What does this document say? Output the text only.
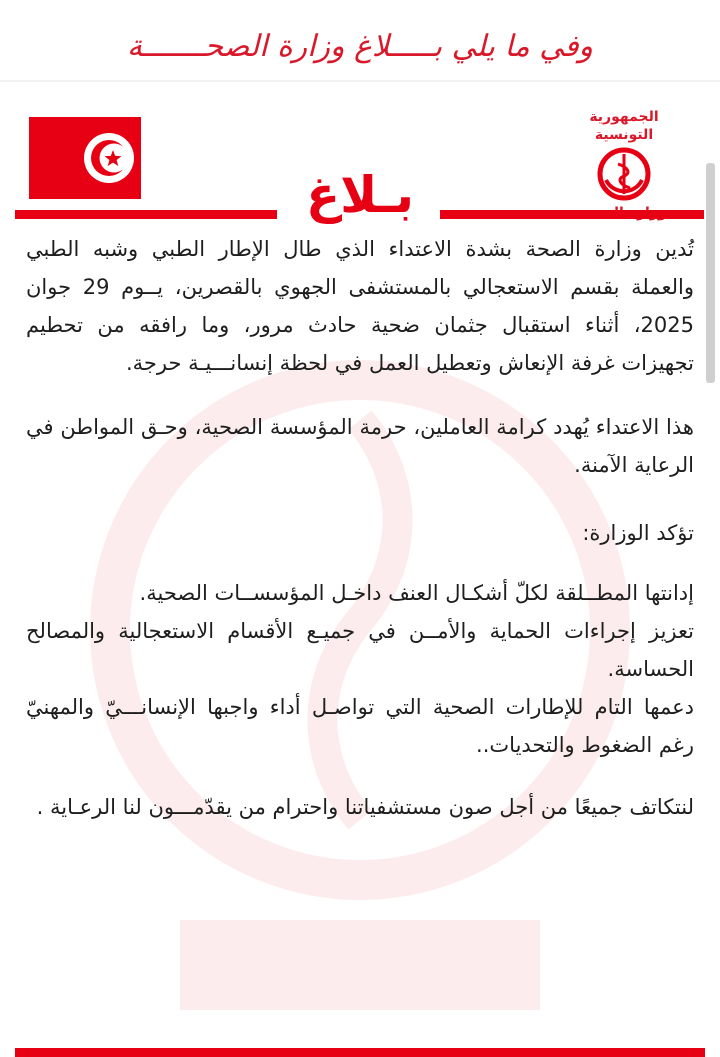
وفي ما يلي بـــــلاغ وزارة الصحـــــــة
الجمهورية التونسية
بـلاغ

تُدين وزارة الصحة بشدة الاعتداء الذي طال الإطار الطبي وشبه الطبي والعملة بقسم الاستعجالي بالمستشفى الجهوي بالقصرين، يــوم 29 جوان 2025، أثناء استقبال جثمان ضحية حادث مرور، وما رافقه من تحطيم تجهيزات غرفة الإنعاش وتعطيل العمل في لحظة إنسانـــيـة حرجة.

هذا الاعتداء يُهدد كرامة العاملين، حرمة المؤسسة الصحية، وحـق المواطن في الرعاية الآمنة.

تؤكد الوزارة:

إدانتها المطــلقة لكلّ أشكـال العنف داخـل المؤسســات الصحية.

تعزيز إجراءات الحماية والأمــن في جميـع الأقسام الاستعجالية والمصالح الحساسة.

دعمها التام للإطارات الصحية التي تواصـل أداء واجبها الإنسانـــيّ والمهنيّ رغم الضغوط والتحديات..

لنتكاتف جميعًا من أجل صون مستشفياتنا واحترام من يقدّمـــون لنا الرعـاية .
